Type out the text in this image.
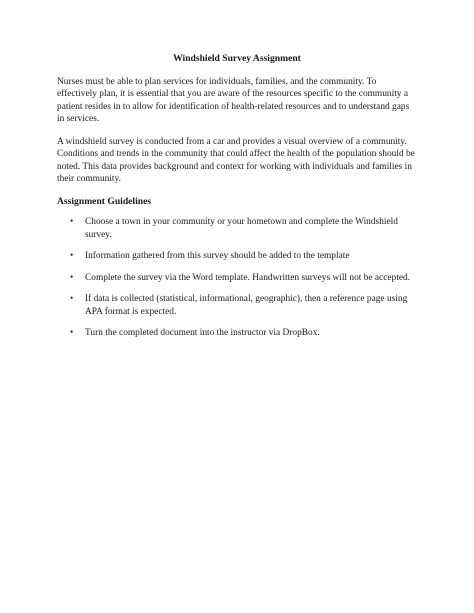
Windshield Survey Assignment

Nurses must be able to plan services for individuals, families, and the community. To effectively plan, it is essential that you are aware of the resources specific to the community a patient resides in to allow for identification of health-related resources and to understand gaps in services.

A windshield survey is conducted from a car and provides a visual overview of a community. Conditions and trends in the community that could affect the health of the population should be noted. This data provides background and context for working with individuals and families in their community.

Assignment Guidelines
• Choose a town in your community or your hometown and complete the Windshield survey.
• Information gathered from this survey should be added to the template
• Complete the survey via the Word template. Handwritten surveys will not be accepted.
• If data is collected (statistical, informational, geographic), then a reference page using APA format is expected.
• Turn the completed document into the instructor via DropBox.
